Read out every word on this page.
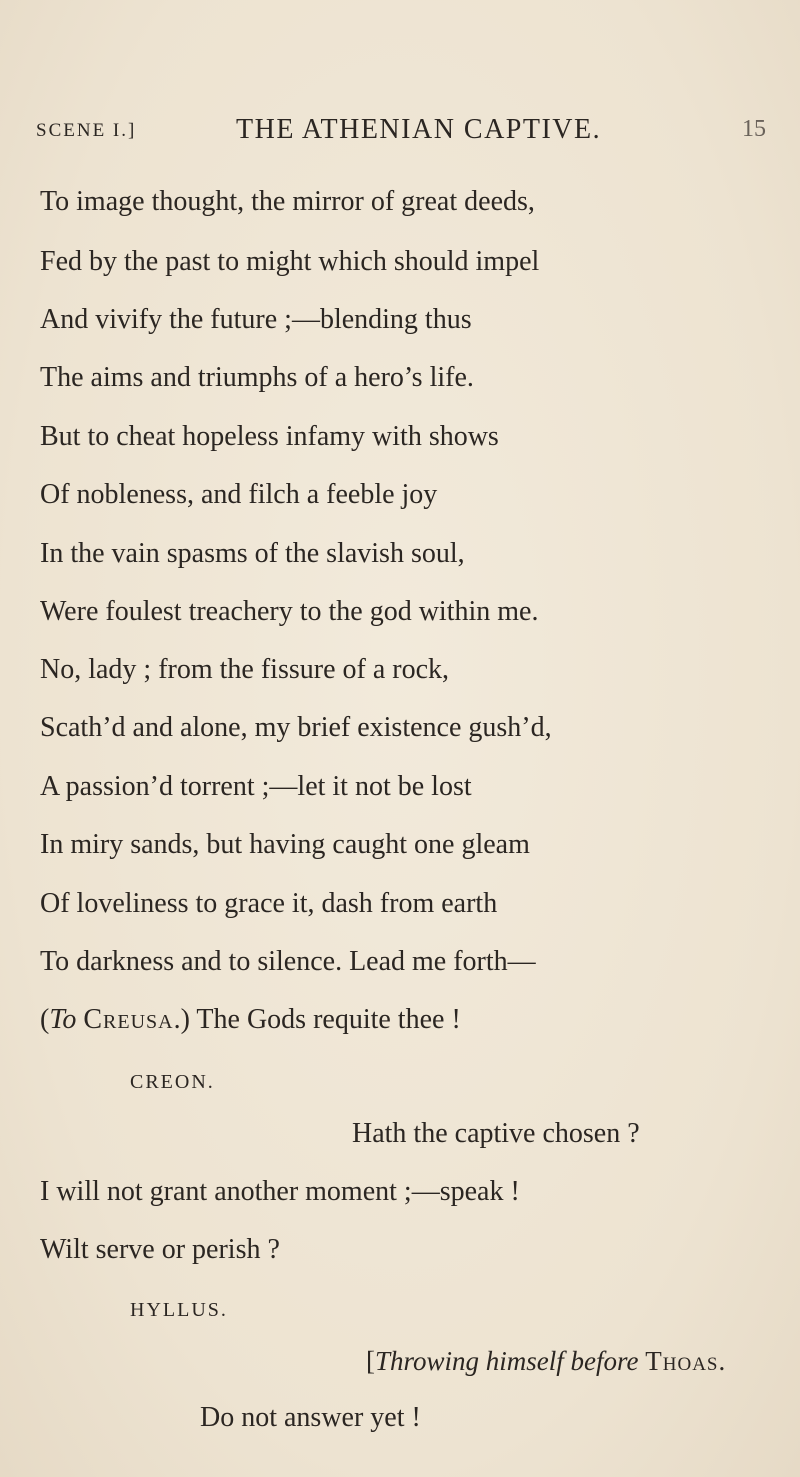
SCENE I.]	THE ATHENIAN CAPTIVE.	15
To image thought, the mirror of great deeds,
Fed by the past to might which should impel
And vivify the future ;—blending thus
The aims and triumphs of a hero’s life.
But to cheat hopeless infamy with shows
Of nobleness, and filch a feeble joy
In the vain spasms of the slavish soul,
Were foulest treachery to the god within me.
No, lady ; from the fissure of a rock,
Scath’d and alone, my brief existence gush’d,
A passion’d torrent ;—let it not be lost
In miry sands, but having caught one gleam
Of loveliness to grace it, dash from earth
To darkness and to silence. Lead me forth—
(To Creusa.) The Gods requite thee !
CREON.
Hath the captive chosen ?
I will not grant another moment ;—speak !
Wilt serve or perish ?
HYLLUS.
[Throwing himself before Thoas.
Do not answer yet !
